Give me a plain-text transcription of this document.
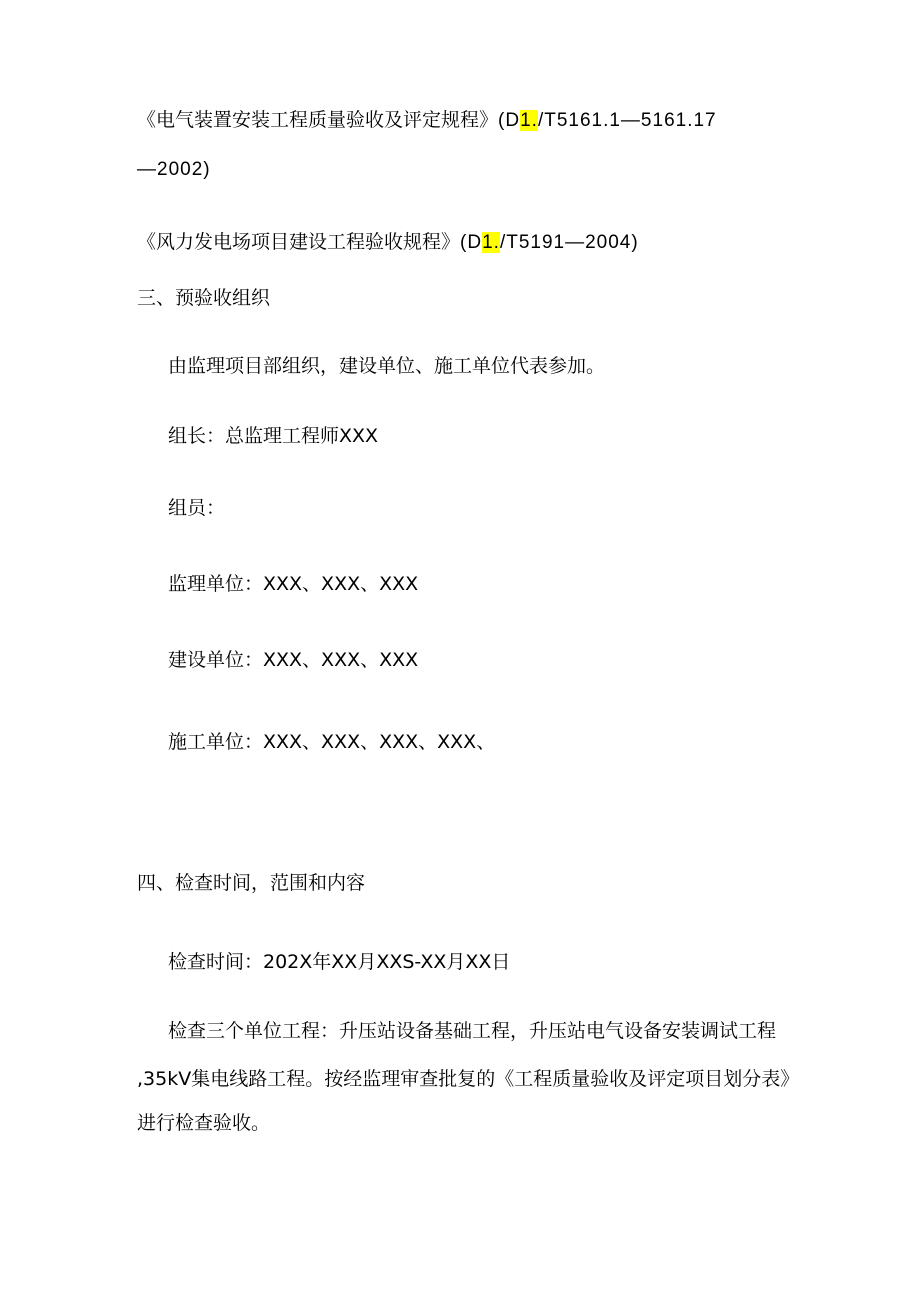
《电气装置安装工程质量验收及评定规程》(D1./T5161.1—5161.17
—2002)
《风力发电场项目建设工程验收规程》(D1./T5191—2004)
三、预验收组织
由监理项目部组织，建设单位、施工单位代表参加。
组长：总监理工程师XXX
组员：
监理单位：XXX、XXX、XXX
建设单位：XXX、XXX、XXX
施工单位：XXX、XXX、XXX、XXX、
四、检查时间，范围和内容
检查时间：202X年XX月XXS-XX月XX日
检查三个单位工程：升压站设备基础工程，升压站电气设备安装调试工程
,35kV集电线路工程。按经监理审查批复的《工程质量验收及评定项目划分表》
进行检查验收。
